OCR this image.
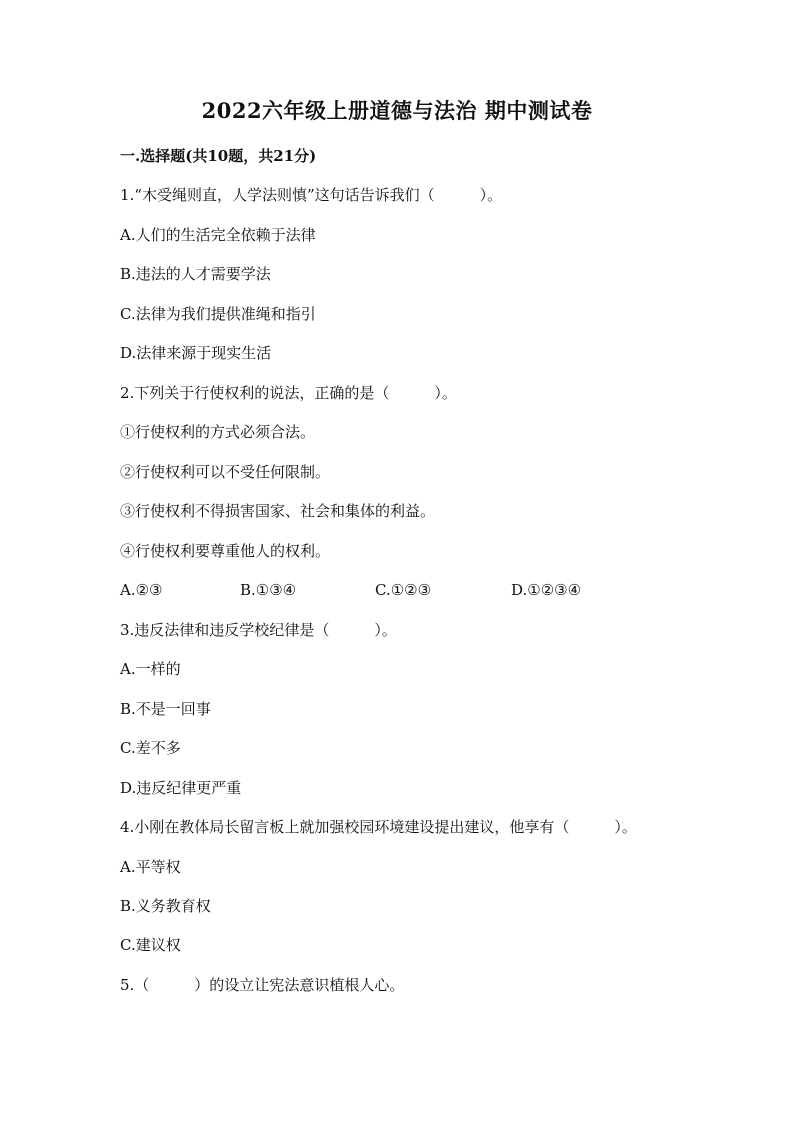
2022六年级上册道德与法治 期中测试卷
一.选择题(共10题，共21分)
1.“木受绳则直，人学法则慎”这句话告诉我们（　　　）。
A.人们的生活完全依赖于法律
B.违法的人才需要学法
C.法律为我们提供准绳和指引
D.法律来源于现实生活
2.下列关于行使权利的说法，正确的是（　　　）。
①行使权利的方式必须合法。
②行使权利可以不受任何限制。
③行使权利不得损害国家、社会和集体的利益。
④行使权利要尊重他人的权利。
A.②③	B.①③④	C.①②③	D.①②③④
3.违反法律和违反学校纪律是（　　　）。
A.一样的
B.不是一回事
C.差不多
D.违反纪律更严重
4.小刚在教体局长留言板上就加强校园环境建设提出建议，他享有（　　　）。
A.平等权
B.义务教育权
C.建议权
5.（　　　）的设立让宪法意识植根人心。
